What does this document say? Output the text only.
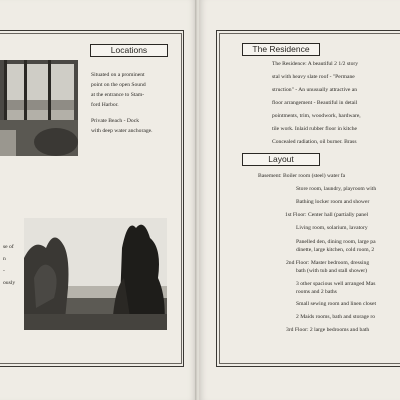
Locations
Situated on a prominent
point on the open Sound
at the entrance to Stam-
ford Harbor.
Private Beach - Dock
with deep water anchorage.
se of
n
-
ously
The Residence
The Residence: A beautiful 2 1/2 story
stal with heavy slate roof - "Permane
struction" - An unusually attractive an
floor arrangement - Beautiful in detail
pointments, trim, woodwork, hardware,
tile work. Inlaid rubber floor in kitche
Concealed radiation, oil burner. Brass
Layout
Basement: Boiler room (steel) water fa
Store room, laundry, playroom with
Bathing locker room and shower
1st Floor: Center hall (partially panel
Living room, solarium, lavatory
Panelled den, dining room, large pa
dinette, large kitchen, cold room, 2
2nd Floor: Master bedroom, dressing
bath (with tub and stall shower)
3 other spacious well arranged Mas
rooms and 2 baths
Small sewing room and linen closet
2 Maids rooms, bath and storage ro
3rd Floor: 2 large bedrooms and bath
